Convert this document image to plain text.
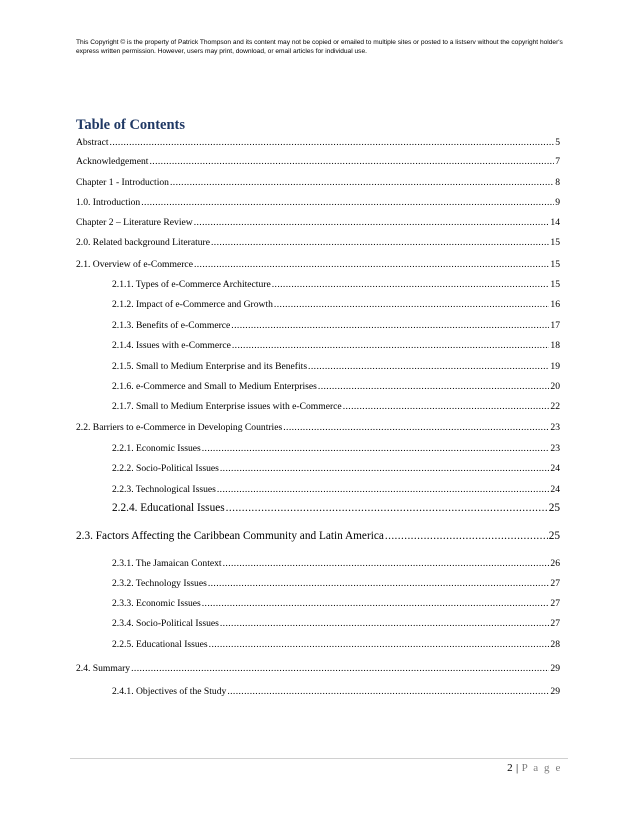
This Copyright © is the property of Patrick Thompson and its content may not be copied or emailed to multiple sites or posted to a listserv without the copyright holder's express written permission. However, users may print, download, or email articles for individual use.
Table of Contents
Abstract .....	5
Acknowledgement .....	7
Chapter 1 - Introduction .....	8
1.0. Introduction .....	9
Chapter 2 – Literature Review .....	14
2.0. Related background Literature .....	15
2.1. Overview of e-Commerce .....	15
2.1.1. Types of e-Commerce Architecture .....	15
2.1.2. Impact of e-Commerce and Growth .....	16
2.1.3. Benefits of e-Commerce .....	17
2.1.4. Issues with e-Commerce .....	18
2.1.5. Small to Medium Enterprise and its Benefits .....	19
2.1.6. e-Commerce and Small to Medium Enterprises .....	20
2.1.7. Small to Medium Enterprise issues with e-Commerce .....	22
2.2. Barriers to e-Commerce in Developing Countries .....	23
2.2.1. Economic Issues .....	23
2.2.2. Socio-Political Issues .....	24
2.2.3. Technological Issues .....	24
2.2.4. Educational Issues .....	25
2.3. Factors Affecting the Caribbean Community and Latin America .....	25
2.3.1. The Jamaican Context .....	26
2.3.2. Technology Issues .....	27
2.3.3. Economic Issues .....	27
2.3.4. Socio-Political Issues .....	27
2.2.5. Educational Issues .....	28
2.4. Summary .....	29
2.4.1. Objectives of the Study .....	29
2 | P a g e
